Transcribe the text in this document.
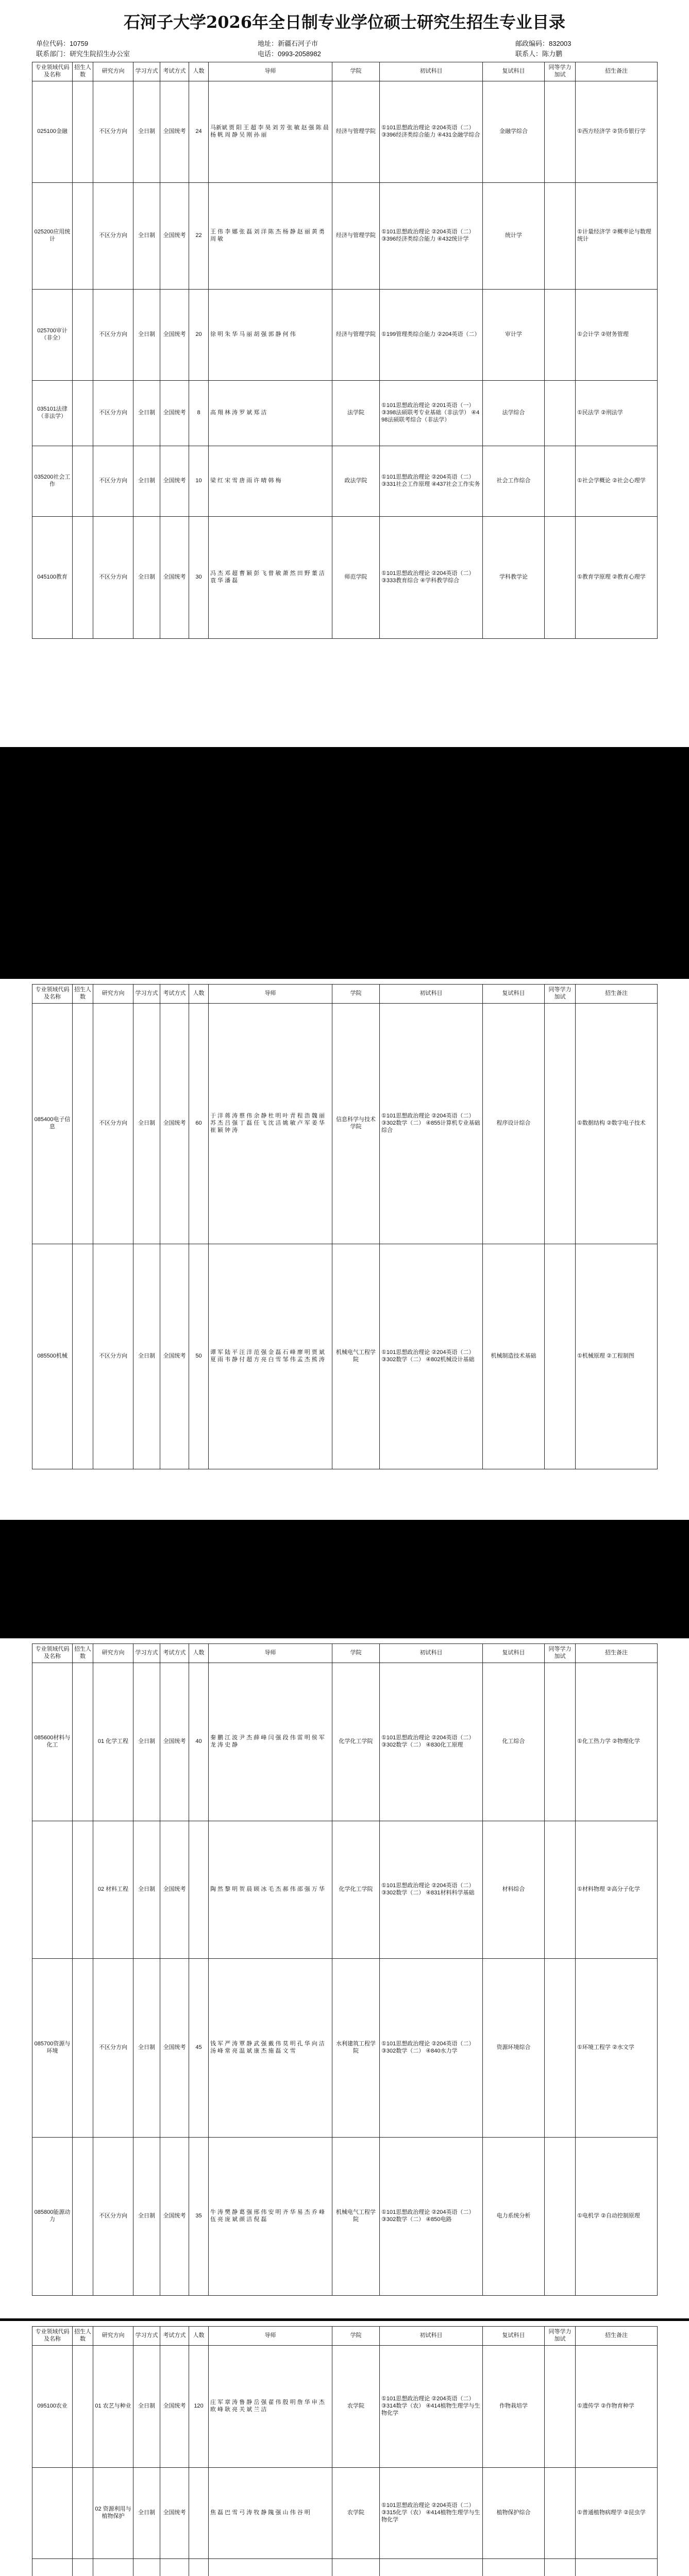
石河子大学2026年全日制专业学位硕士研究生招生专业目录
单位代码：10759	地址：新疆石河子市	邮政编码：832003
联系部门：研究生院招生办公室	电话：0993-2058982	联系人：陈力鹏
专业领域代码及名称	招生人数	研究方向	学习方式	考试方式	人数	导师	学院	初试科目	复试科目	同等学力加试	招生备注
025100金融		不区分方向	全日制	全国统考	24	马新斌 贾 阳 王 超 李 昊 刘 芳 张 敏 赵 强 陈 晨 杨 帆 周 静 吴 刚 孙 丽	经济与管理学院	①101思想政治理论 ②204英语（二） ③396经济类综合能力 ④431金融学综合	金融学综合		①西方经济学 ②货币银行学
025200应用统计		不区分方向	全日制	全国统考	22	王 伟 李 娜 张 磊 刘 洋 陈 杰 杨 静 赵 丽 黄 勇 周 敏	经济与管理学院	①101思想政治理论 ②204英语（二） ③396经济类综合能力 ④432统计学	统计学		①计量经济学 ②概率论与数理统计
025700审计（非全）		不区分方向	全日制	全国统考	20	徐 明 朱 华 马 丽 胡 强 郭 静 何 伟	经济与管理学院	①199管理类综合能力 ②204英语（二）	审计学		①会计学 ②财务管理
035101法律（非法学）		不区分方向	全日制	全国统考	8	高 翔 林 涛 罗 斌 郑 洁	法学院	①101思想政治理论 ②201英语（一） ③398法硕联考专业基础（非法学） ④498法硕联考综合（非法学）	法学综合		①民法学 ②刑法学
035200社会工作		不区分方向	全日制	全国统考	10	梁 红 宋 雪 唐 雨 许 晴 韩 梅	政法学院	①101思想政治理论 ②204英语（二） ③331社会工作原理 ④437社会工作实务	社会工作综合		①社会学概论 ②社会心理学
045100教育		不区分方向	全日制	全国统考	30	冯 杰 邓 超 曹 颖 彭 飞 曾 敏 萧 然 田 野 董 洁 袁 华 潘 磊	师范学院	①101思想政治理论 ②204英语（二） ③333教育综合 ④学科教学综合	学科教学论		①教育学原理 ②教育心理学
专业领域代码及名称	招生人数	研究方向	学习方式	考试方式	人数	导师	学院	初试科目	复试科目	同等学力加试	招生备注
085400电子信息		不区分方向	全日制	全国统考	60	于 洋 蒋 涛 蔡 伟 余 静 杜 明 叶 青 程 浩 魏 丽 苏 杰 吕 强 丁 磊 任 飞 沈 洁 姚 敏 卢 军 姜 华 崔 颖 钟 涛	信息科学与技术学院	①101思想政治理论 ②204英语（二） ③302数学（二） ④855计算机专业基础综合	程序设计综合		①数据结构 ②数字电子技术
085500机械		不区分方向	全日制	全国统考	50	谭 军 陆 平 汪 洋 范 强 金 磊 石 峰 廖 明 贾 斌 夏 雨 韦 静 付 超 方 亮 白 雪 邹 伟 孟 杰 熊 涛	机械电气工程学院	①101思想政治理论 ②204英语（二） ③302数学（二） ④802机械设计基础	机械制造技术基础		①机械原理 ②工程制图
专业领域代码及名称	招生人数	研究方向	学习方式	考试方式	人数	导师	学院	初试科目	复试科目	同等学力加试	招生备注
085600材料与化工		01 化学工程	全日制	全国统考	40	秦 鹏 江 波 尹 杰 薛 峰 闫 强 段 伟 雷 明 侯 军 龙 涛 史 静	化学化工学院	①101思想政治理论 ②204英语（二） ③302数学（二） ④830化工原理	化工综合		①化工热力学 ②物理化学
		02 材料工程	全日制	全国统考		陶 然 黎 明 贺 晨 顾 冰 毛 杰 郝 伟 邵 强 万 华	化学化工学院	①101思想政治理论 ②204英语（二） ③302数学（二） ④831材料科学基础	材料综合		①材料物理 ②高分子化学
085700资源与环境		不区分方向	全日制	全国统考	45	钱 军 严 涛 覃 静 武 强 戴 伟 莫 明 孔 华 向 洁 汤 峰 常 亮 温 斌 康 杰 施 磊 文 雪	水利建筑工程学院	①101思想政治理论 ②204英语（二） ③302数学（二） ④840水力学	资源环境综合		①环境工程学 ②水文学
085800能源动力		不区分方向	全日制	全国统考	35	牛 涛 樊 静 葛 强 邢 伟 安 明 齐 华 易 杰 乔 峰 伍 亮 庞 斌 颜 洁 倪 磊	机械电气工程学院	①101思想政治理论 ②204英语（二） ③302数学（二） ④850电路	电力系统分析		①电机学 ②自动控制原理
专业领域代码及名称	招生人数	研究方向	学习方式	考试方式	人数	导师	学院	初试科目	复试科目	同等学力加试	招生备注
095100农业		01 农艺与种业	全日制	全国统考	120	庄 军 章 涛 鲁 静 岳 强 翟 伟 殷 明 詹 华 申 杰 欧 峰 耿 亮 关 斌 兰 洁	农学院	①101思想政治理论 ②204英语（二） ③314数学（农） ④414植物生理学与生物化学	作物栽培学		①遗传学 ②作物育种学
		02 资源利用与植物保护	全日制	全国统考		焦 磊 巴 雪 弓 涛 牧 静 隗 强 山 伟 谷 明	农学院	①101思想政治理论 ②204英语（二） ③315化学（农） ④414植物生理学与生物化学	植物保护综合		①普通植物病理学 ②昆虫学
